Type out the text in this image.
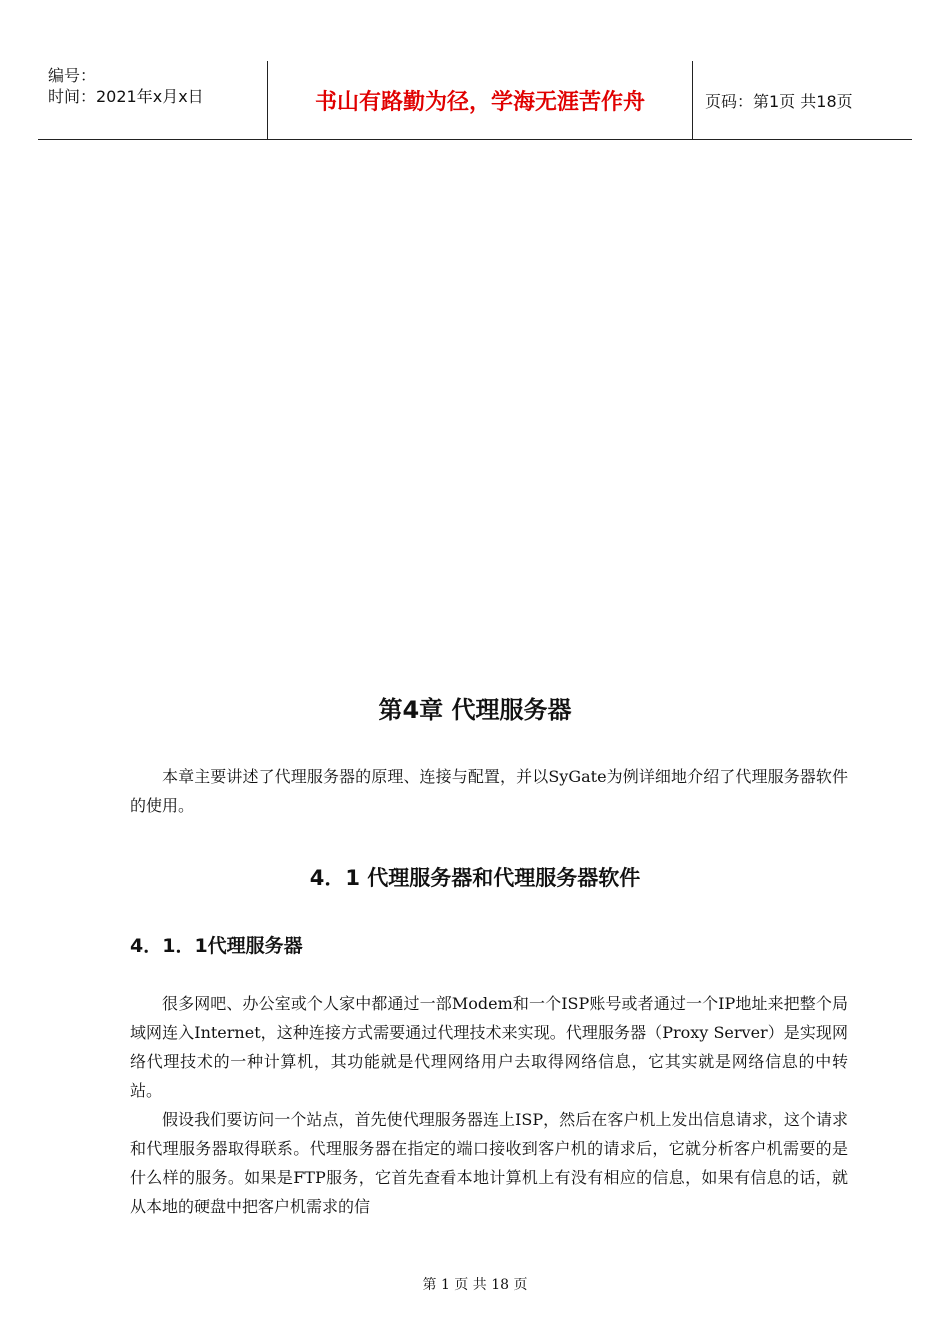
编号：
时间：2021年x月x日	书山有路勤为径，学海无涯苦作舟	页码：第1页 共18页
第4章 代理服务器

本章主要讲述了代理服务器的原理、连接与配置，并以SyGate为例详细地介绍了代理服务器软件的使用。

4．1 代理服务器和代理服务器软件
4．1．1代理服务器

很多网吧、办公室或个人家中都通过一部Modem和一个ISP账号或者通过一个IP地址来把整个局域网连入Internet，这种连接方式需要通过代理技术来实现。代理服务器（Proxy Server）是实现网络代理技术的一种计算机，其功能就是代理网络用户去取得网络信息，它其实就是网络信息的中转站。

假设我们要访问一个站点，首先使代理服务器连上ISP，然后在客户机上发出信息请求，这个请求和代理服务器取得联系。代理服务器在指定的端口接收到客户机的请求后，它就分析客户机需要的是什么样的服务。如果是FTP服务，它首先查看本地计算机上有没有相应的信息，如果有信息的话，就从本地的硬盘中把客户机需求的信

第 1 页 共 18 页
